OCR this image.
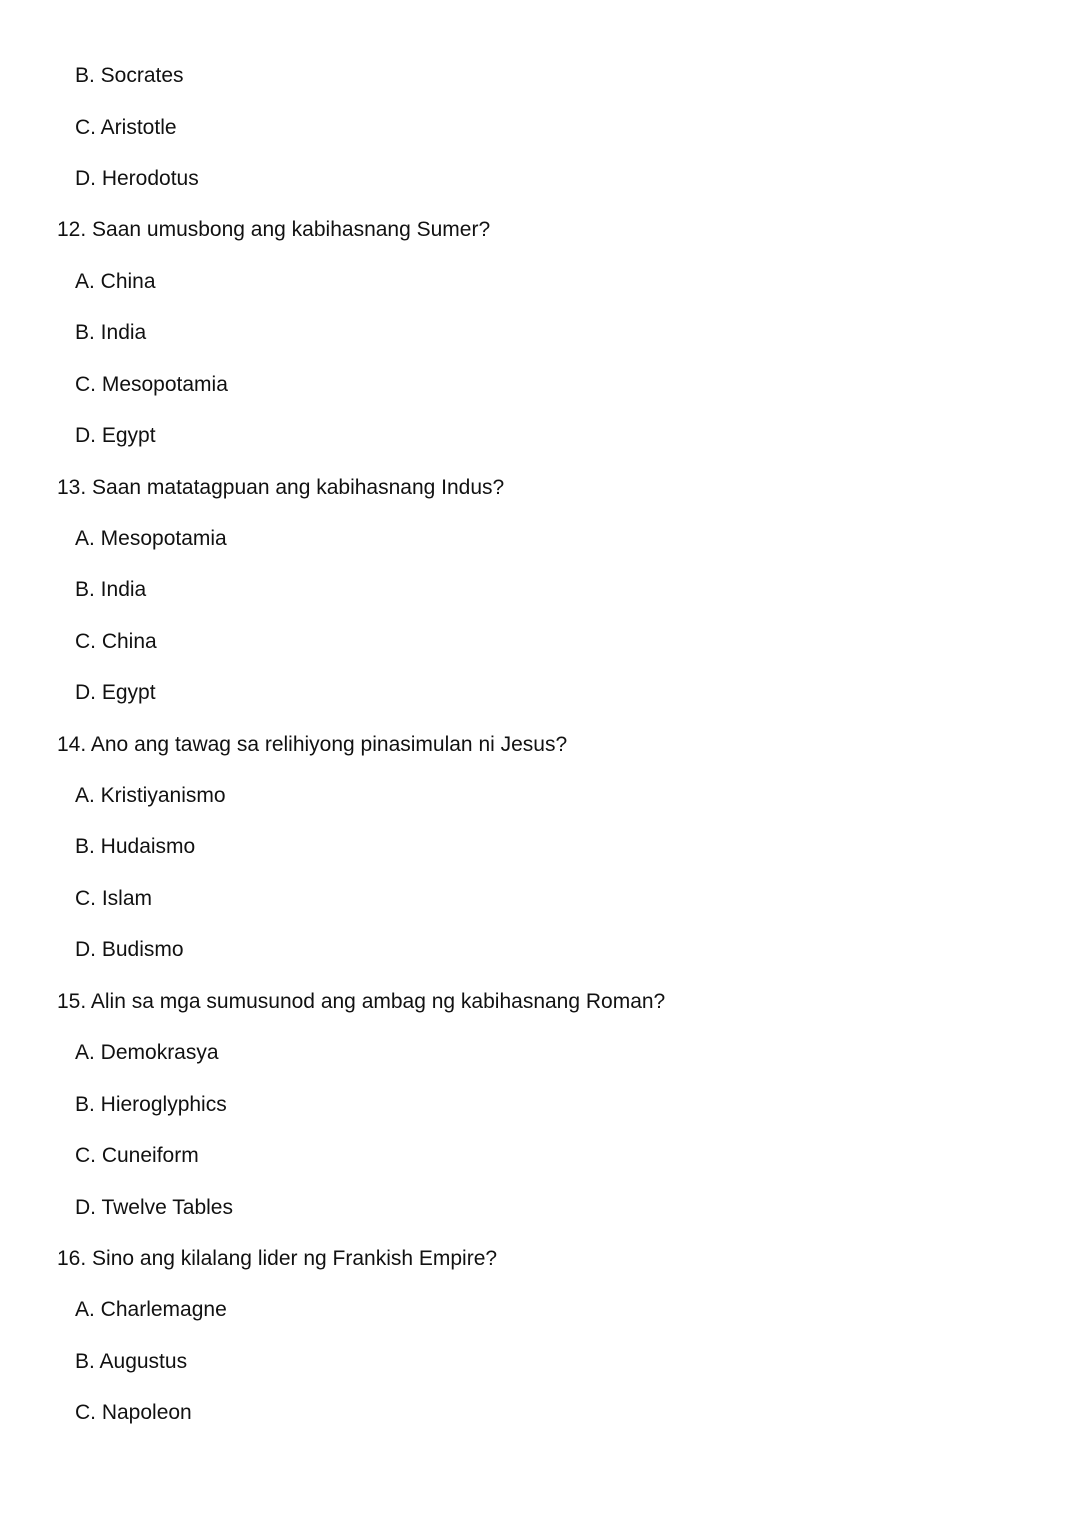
B. Socrates
C. Aristotle
D. Herodotus
12. Saan umusbong ang kabihasnang Sumer?
A. China
B. India
C. Mesopotamia
D. Egypt
13. Saan matatagpuan ang kabihasnang Indus?
A. Mesopotamia
B. India
C. China
D. Egypt
14. Ano ang tawag sa relihiyong pinasimulan ni Jesus?
A. Kristiyanismo
B. Hudaismo
C. Islam
D. Budismo
15. Alin sa mga sumusunod ang ambag ng kabihasnang Roman?
A. Demokrasya
B. Hieroglyphics
C. Cuneiform
D. Twelve Tables
16. Sino ang kilalang lider ng Frankish Empire?
A. Charlemagne
B. Augustus
C. Napoleon
